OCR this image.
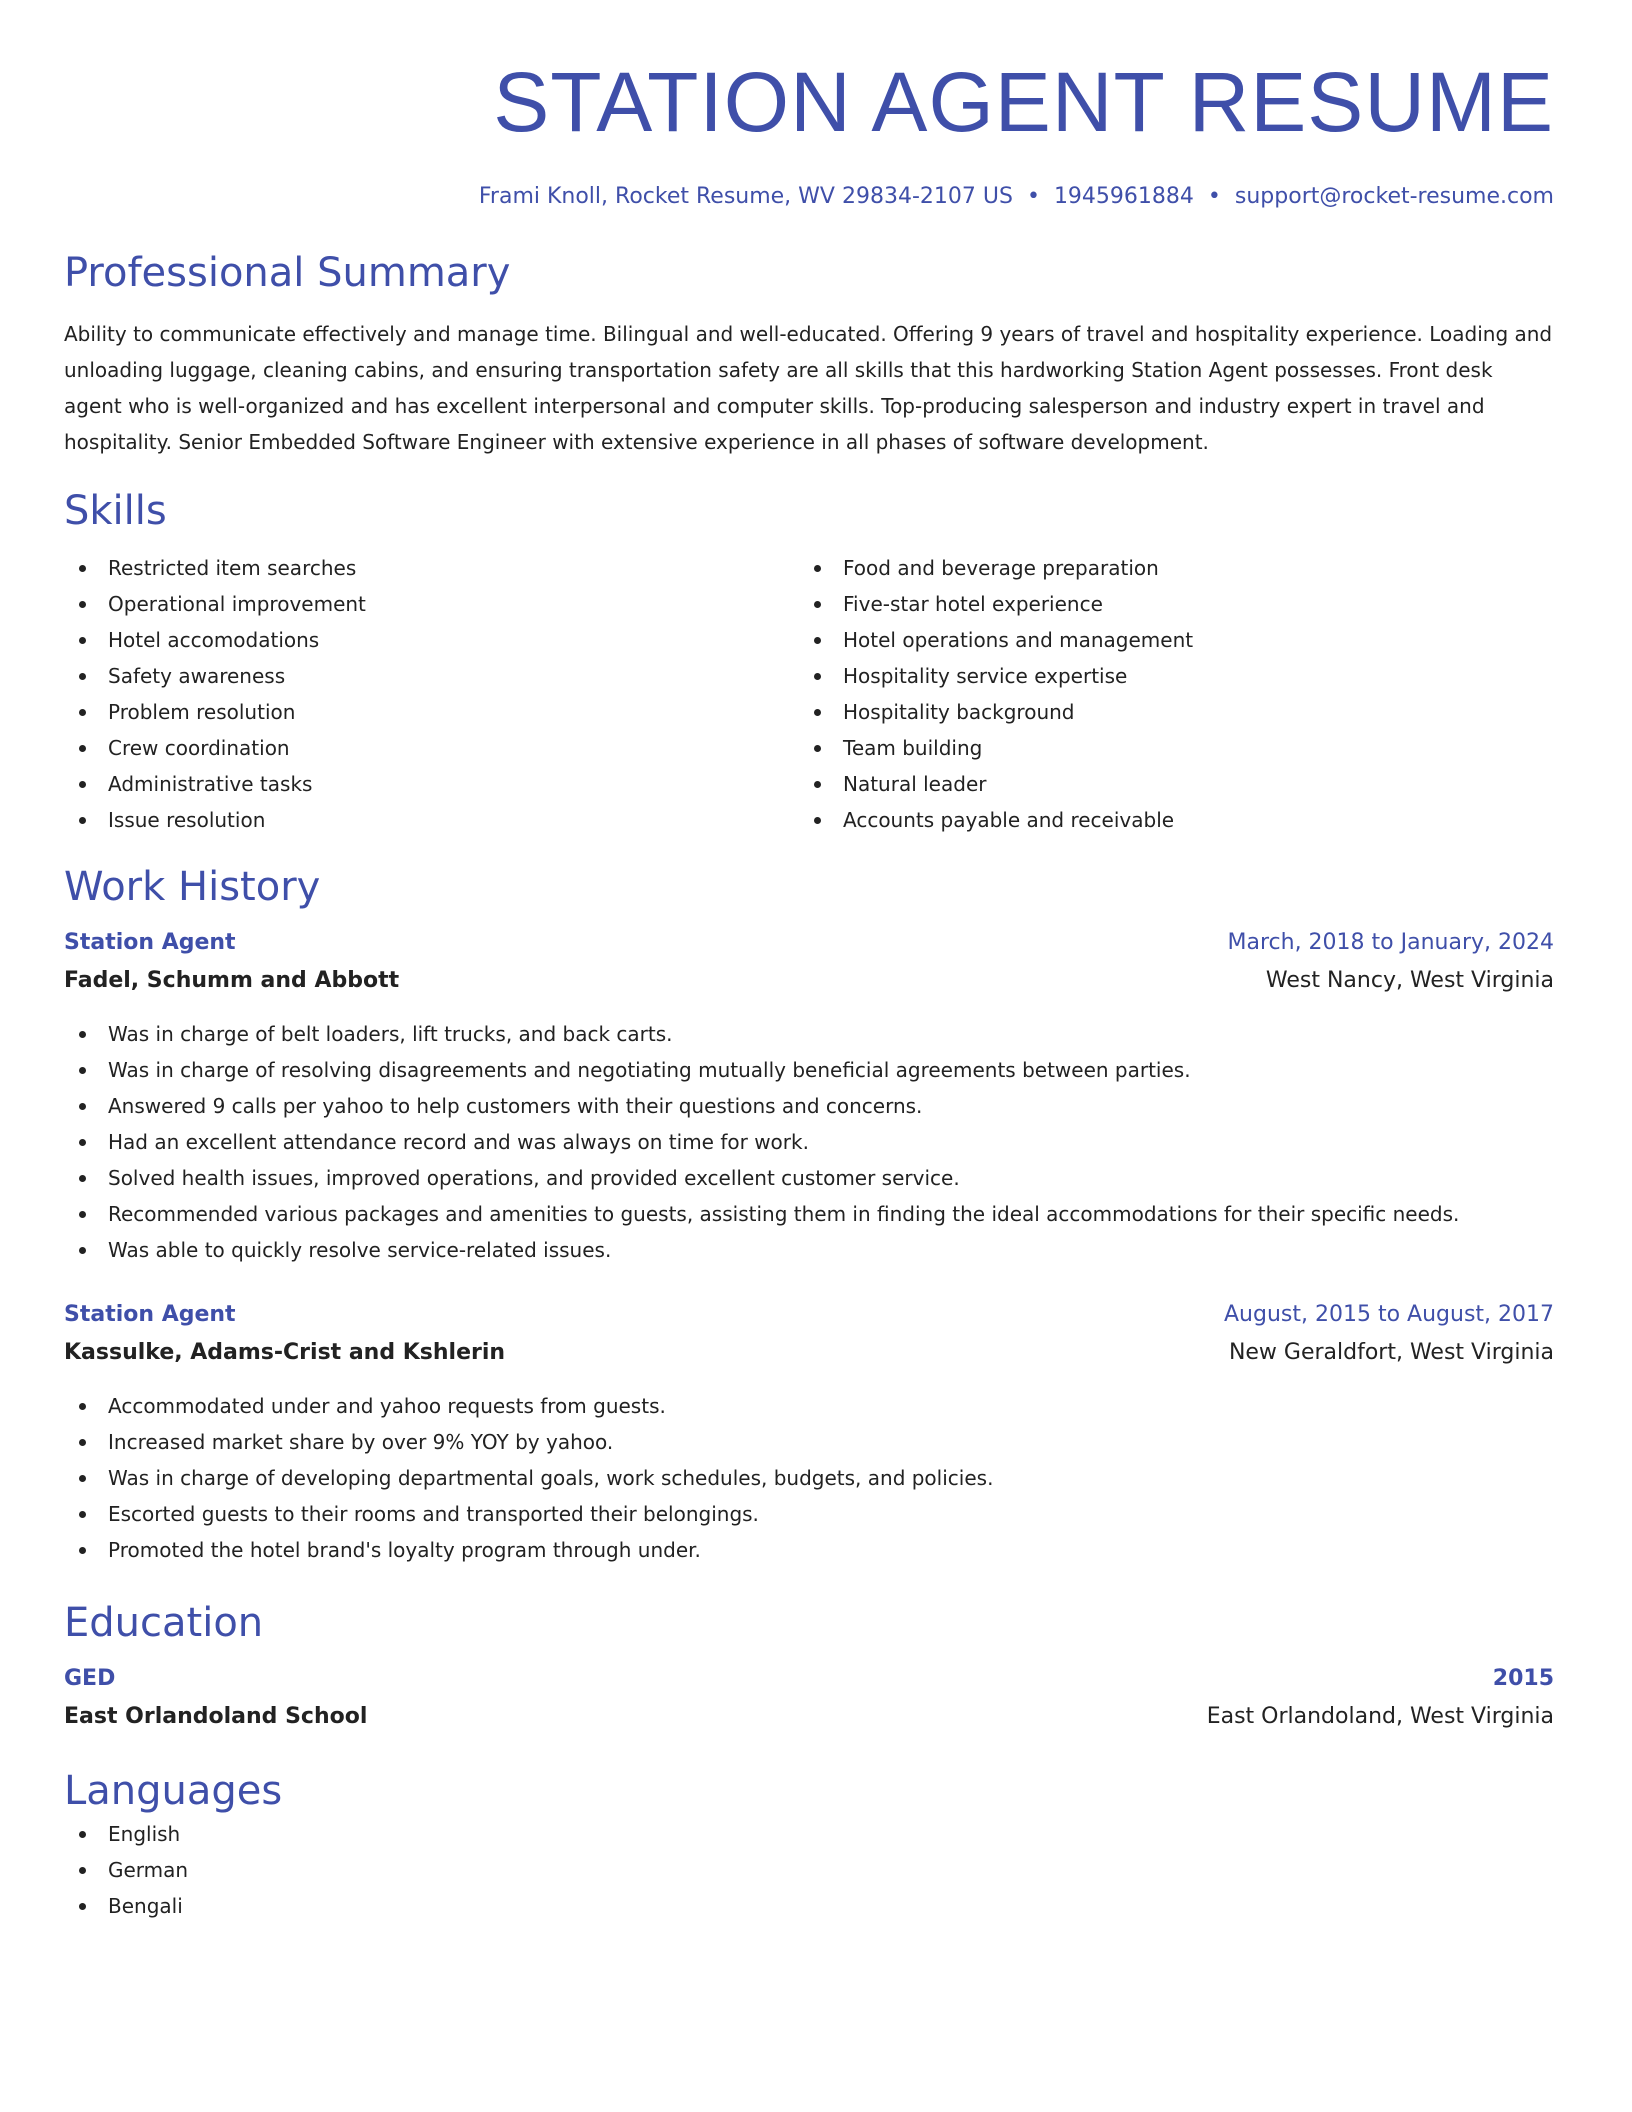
STATION AGENT RESUME
Frami Knoll, Rocket Resume, WV 29834-2107 US • 1945961884 • support@rocket-resume.com
Professional Summary
Ability to communicate effectively and manage time. Bilingual and well-educated. Offering 9 years of travel and hospitality experience. Loading and unloading luggage, cleaning cabins, and ensuring transportation safety are all skills that this hardworking Station Agent possesses. Front desk agent who is well-organized and has excellent interpersonal and computer skills. Top-producing salesperson and industry expert in travel and hospitality. Senior Embedded Software Engineer with extensive experience in all phases of software development.
Skills
Restricted item searches
Operational improvement
Hotel accomodations
Safety awareness
Problem resolution
Crew coordination
Administrative tasks
Issue resolution
Food and beverage preparation
Five-star hotel experience
Hotel operations and management
Hospitality service expertise
Hospitality background
Team building
Natural leader
Accounts payable and receivable
Work History
Station Agent	March, 2018 to January, 2024
Fadel, Schumm and Abbott	West Nancy, West Virginia
Was in charge of belt loaders, lift trucks, and back carts.
Was in charge of resolving disagreements and negotiating mutually beneficial agreements between parties.
Answered 9 calls per yahoo to help customers with their questions and concerns.
Had an excellent attendance record and was always on time for work.
Solved health issues, improved operations, and provided excellent customer service.
Recommended various packages and amenities to guests, assisting them in finding the ideal accommodations for their specific needs.
Was able to quickly resolve service-related issues.
Station Agent	August, 2015 to August, 2017
Kassulke, Adams-Crist and Kshlerin	New Geraldfort, West Virginia
Accommodated under and yahoo requests from guests.
Increased market share by over 9% YOY by yahoo.
Was in charge of developing departmental goals, work schedules, budgets, and policies.
Escorted guests to their rooms and transported their belongings.
Promoted the hotel brand's loyalty program through under.
Education
GED	2015
East Orlandoland School	East Orlandoland, West Virginia
Languages
English
German
Bengali
